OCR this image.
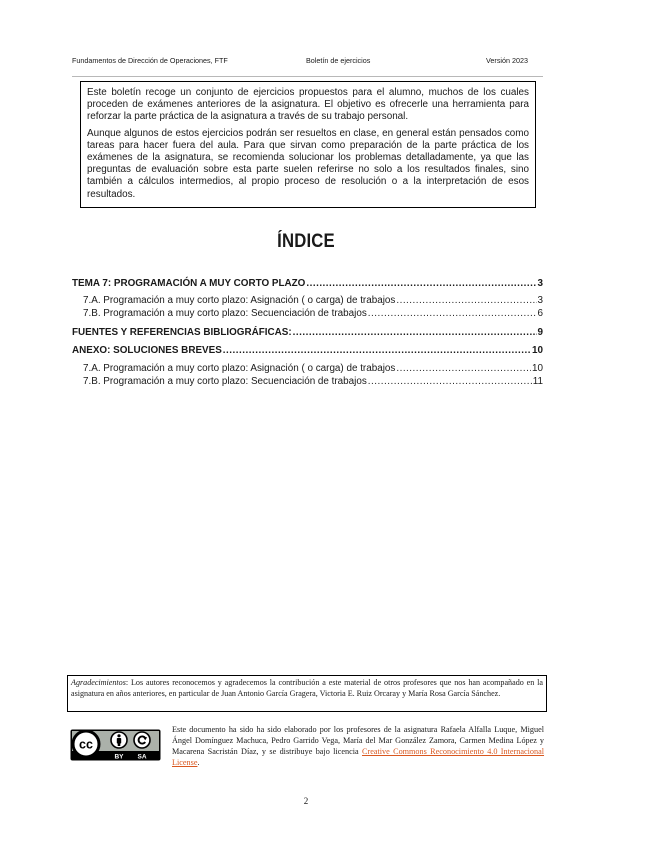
Fundamentos de Dirección de Operaciones, FTF	Boletín de ejercicios	Versión 2023

Este boletín recoge un conjunto de ejercicios propuestos para el alumno, muchos de los cuales proceden de exámenes anteriores de la asignatura. El objetivo es ofrecerle una herramienta para reforzar la parte práctica de la asignatura a través de su trabajo personal.

Aunque algunos de estos ejercicios podrán ser resueltos en clase, en general están pensados como tareas para hacer fuera del aula. Para que sirvan como preparación de la parte práctica de los exámenes de la asignatura, se recomienda solucionar los problemas detalladamente, ya que las preguntas de evaluación sobre esta parte suelen referirse no solo a los resultados finales, sino también a cálculos intermedios, al propio proceso de resolución o a la interpretación de esos resultados.

ÍNDICE
TEMA 7: PROGRAMACIÓN A MUY CORTO PLAZO .....	3
7.A. Programación a muy corto plazo: Asignación ( o carga) de trabajos .....	3
7.B. Programación a muy corto plazo: Secuenciación de trabajos .....	6
FUENTES Y REFERENCIAS BIBLIOGRÁFICAS: .....	9
ANEXO: SOLUCIONES BREVES .....	10
7.A. Programación a muy corto plazo: Asignación ( o carga) de trabajos .....	10
7.B. Programación a muy corto plazo: Secuenciación de trabajos .....	11
Agradecimientos: Los autores reconocemos y agradecemos la contribución a este material de otros profesores que nos han acompañado en la asignatura en años anteriores, en particular de Juan Antonio García Gragera, Victoria E. Ruiz Orcaray y María Rosa García Sánchez.
cc
BY SA
Este documento ha sido ha sido elaborado por los profesores de la asignatura Rafaela Alfalla Luque, Miguel Ángel Domínguez Machuca, Pedro Garrido Vega, María del Mar González Zamora, Carmen Medina López y Macarena Sacristán Díaz, y se distribuye bajo licencia Creative Commons Reconocimiento 4.0 Internacional License.
2
